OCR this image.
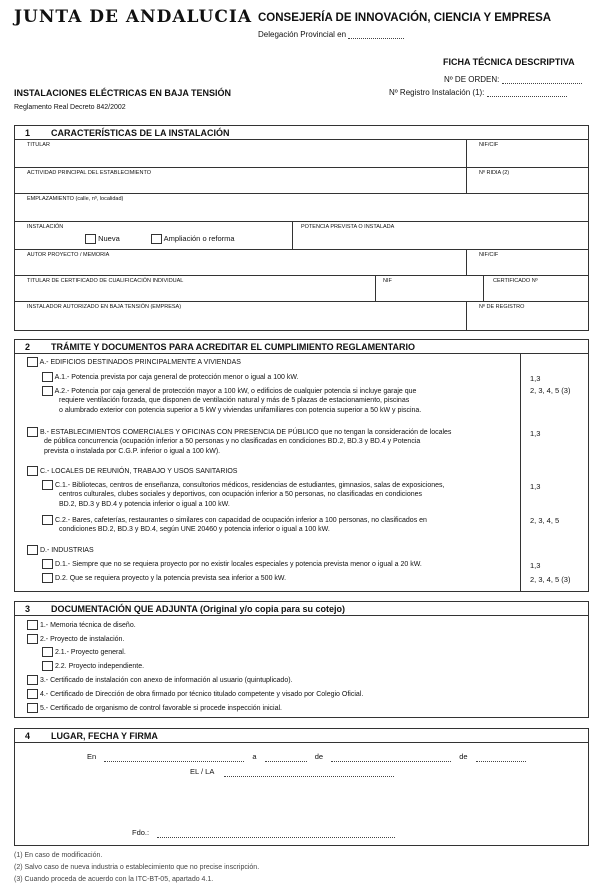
JUNTA DE ANDALUCIA CONSEJERÍA DE INNOVACIÓN, CIENCIA Y EMPRESA
Delegación Provincial en
FICHA TÉCNICA DESCRIPTIVA
Nº DE ORDEN:
Nº Registro Instalación (1):
INSTALACIONES ELÉCTRICAS EN BAJA TENSIÓN
Reglamento Real Decreto 842/2002
1 CARACTERÍSTICAS DE LA INSTALACIÓN
TITULAR	NIF/CIF
ACTIVIDAD PRINCIPAL DEL ESTABLECIMIENTO	Nº RIDIA (2)
EMPLAZAMIENTO (calle, nº, localidad)
INSTALACIÓN
Nueva	Ampliación o reforma
POTENCIA PREVISTA O INSTALADA
AUTOR PROYECTO / MEMORIA	NIF/CIF
TITULAR DE CERTIFICADO DE CUALIFICACIÓN INDIVIDUAL	NIF	CERTIFICADO Nº
INSTALADOR AUTORIZADO EN BAJA TENSIÓN (EMPRESA)	Nº DE REGISTRO
2 TRÁMITE Y DOCUMENTOS PARA ACREDITAR EL CUMPLIMIENTO REGLAMENTARIO
A.- EDIFICIOS DESTINADOS PRINCIPALMENTE A VIVIENDAS
A.1.- Potencia prevista por caja general de protección menor o igual a 100 kW.	1,3
A.2.- Potencia por caja general de protección mayor a 100 kW, o edificios de cualquier potencia si incluye garaje que
requiere ventilación forzada, que disponen de ventilación natural y más de 5 plazas de estacionamiento, piscinas
o alumbrado exterior con potencia superior a 5 kW y viviendas unifamiliares con potencia superior a 50 kW y piscina.
2, 3, 4, 5 (3)
B.- ESTABLECIMIENTOS COMERCIALES Y OFICINAS CON PRESENCIA DE PÚBLICO que no tengan la consideración de locales
de pública concurrencia (ocupación inferior a 50 personas y no clasificadas en condiciones BD.2, BD.3 y BD.4 y Potencia
prevista o instalada por C.G.P. inferior o igual a 100 kW).
1,3
C.- LOCALES DE REUNIÓN, TRABAJO Y USOS SANITARIOS
C.1.- Bibliotecas, centros de enseñanza, consultorios médicos, residencias de estudiantes, gimnasios, salas de exposiciones,
centros culturales, clubes sociales y deportivos, con ocupación inferior a 50 personas, no clasificadas en condiciones
BD.2, BD.3 y BD.4 y potencia inferior o igual a 100 kW.
1,3
C.2.- Bares, cafeterías, restaurantes o similares con capacidad de ocupación inferior a 100 personas, no clasificados en
condiciones BD.2, BD.3 y BD.4, según UNE 20460 y potencia inferior o igual a 100 kW.
2, 3, 4, 5
D.- INDUSTRIAS
D.1.- Siempre que no se requiera proyecto por no existir locales especiales y potencia prevista menor o igual a 20 kW.	1,3
D.2. Que se requiera proyecto y la potencia prevista sea inferior a 500 kW.	2, 3, 4, 5 (3)
3 DOCUMENTACIÓN QUE ADJUNTA (Original y/o copia para su cotejo)
1.- Memoria técnica de diseño.
2.- Proyecto de instalación.
2.1.- Proyecto general.
2.2. Proyecto independiente.
3.- Certificado de instalación con anexo de información al usuario (quintuplicado).
4.- Certificado de Dirección de obra firmado por técnico titulado competente y visado por Colegio Oficial.
5.- Certificado de organismo de control favorable si procede inspección inicial.
4 LUGAR, FECHA Y FIRMA
En	a	de	de
EL / LA
Fdo.:
(1) En caso de modificación.
(2) Salvo caso de nueva industria o establecimiento que no precise inscripción.
(3) Cuando proceda de acuerdo con la ITC-BT-05, apartado 4.1.
